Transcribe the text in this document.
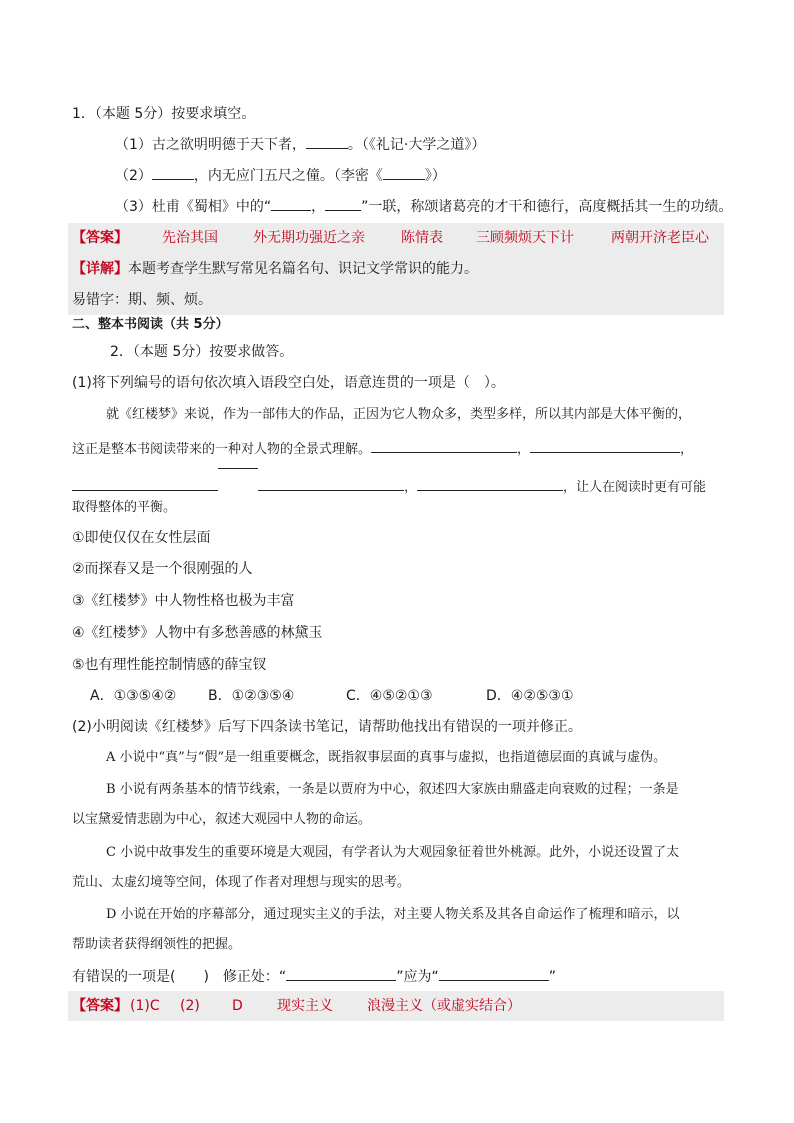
1．（本题 5分）按要求填空。
（1）古之欲明明德于天下者，	。（《礼记·大学之道》）
（2）	，内无应门五尺之僮。（李密《	》）
（3）杜甫《蜀相》中的“	，	”一联，称颂诸葛亮的才干和德行，高度概括其一生的功绩。
【答案】 先治其国	外无期功强近之亲	陈情表 三顾频烦天下计	两朝开济老臣心
【详解】本题考查学生默写常见名篇名句、识记文学常识的能力。
易错字：期、频、烦。
二、整本书阅读（共 5分）
2．（本题 5分）按要求做答。
(1)将下列编号的语句依次填入语段空白处，语意连贯的一项是（　）。
就《红楼梦》来说，作为一部伟大的作品，正因为它人物众多，类型多样，所以其内部是大体平衡的，
这正是整本书阅读带来的一种对人物的全景式理解。	，	，
，	，让人在阅读时更有可能
取得整体的平衡。
①即使仅仅在女性层面
②而探春又是一个很刚强的人
③《红楼梦》中人物性格也极为丰富
④《红楼梦》人物中有多愁善感的林黛玉
⑤也有理性能控制情感的薛宝钗
A．①③⑤④② B．①②③⑤④	C．④⑤②①③	D．④②⑤③①
(2)小明阅读《红楼梦》后写下四条读书笔记，请帮助他找出有错误的一项并修正。
A 小说中“真”与“假”是一组重要概念，既指叙事层面的真事与虚拟，也指道德层面的真诚与虚伪。
B 小说有两条基本的情节线索，一条是以贾府为中心，叙述四大家族由鼎盛走向衰败的过程；一条是
以宝黛爱情悲剧为中心，叙述大观园中人物的命运。
C 小说中故事发生的重要环境是大观园，有学者认为大观园象征着世外桃源。此外，小说还设置了太
荒山、太虚幻境等空间，体现了作者对理想与现实的思考。
D 小说在开始的序幕部分，通过现实主义的手法，对主要人物关系及其各自命运作了梳理和暗示，以
帮助读者获得纲领性的把握。
有错误的一项是(　　)　修正处：“	”应为“	”
【答案】 (1)C (2) D 现实主义 浪漫主义（或虚实结合）
